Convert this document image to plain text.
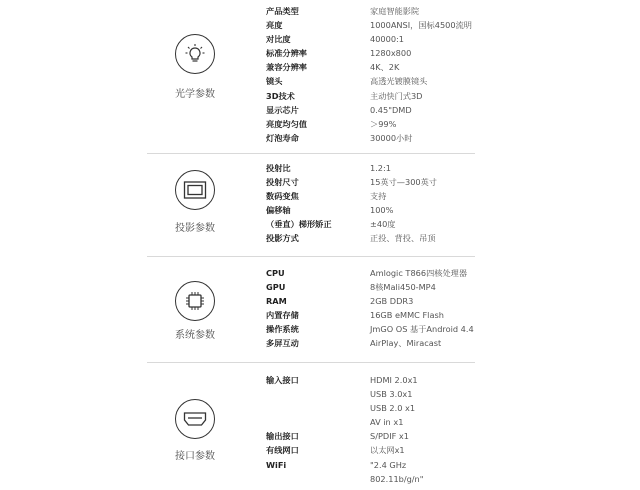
光学参数
产品类型	家庭智能影院
亮度	1000ANSI，国标4500流明
对比度	40000:1
标准分辨率	1280x800
兼容分辨率	4K、2K
镜头	高透光镀膜镜头
3D技术	主动快门式3D
显示芯片	0.45"DMD
亮度均匀值	＞99%
灯泡寿命	30000小时
投影参数
投射比	1.2:1
投射尺寸	15英寸—300英寸
数码变焦	支持
偏移轴	100%
（垂直）梯形矫正	±40度
投影方式	正投、背投、吊顶
系统参数
CPU	Amlogic T866四核处理器
GPU	8核Mali450-MP4
RAM	2GB DDR3
内置存储	16GB eMMC Flash
操作系统	JmGO OS 基于Android 4.4
多屏互动	AirPlay、Miracast
接口参数
输入接口	HDMI 2.0x1
USB 3.0x1
USB 2.0 x1
AV in x1
输出接口	S/PDIF x1
有线网口	以太网x1
WiFi	"2.4 GHz
802.11b/g/n"
